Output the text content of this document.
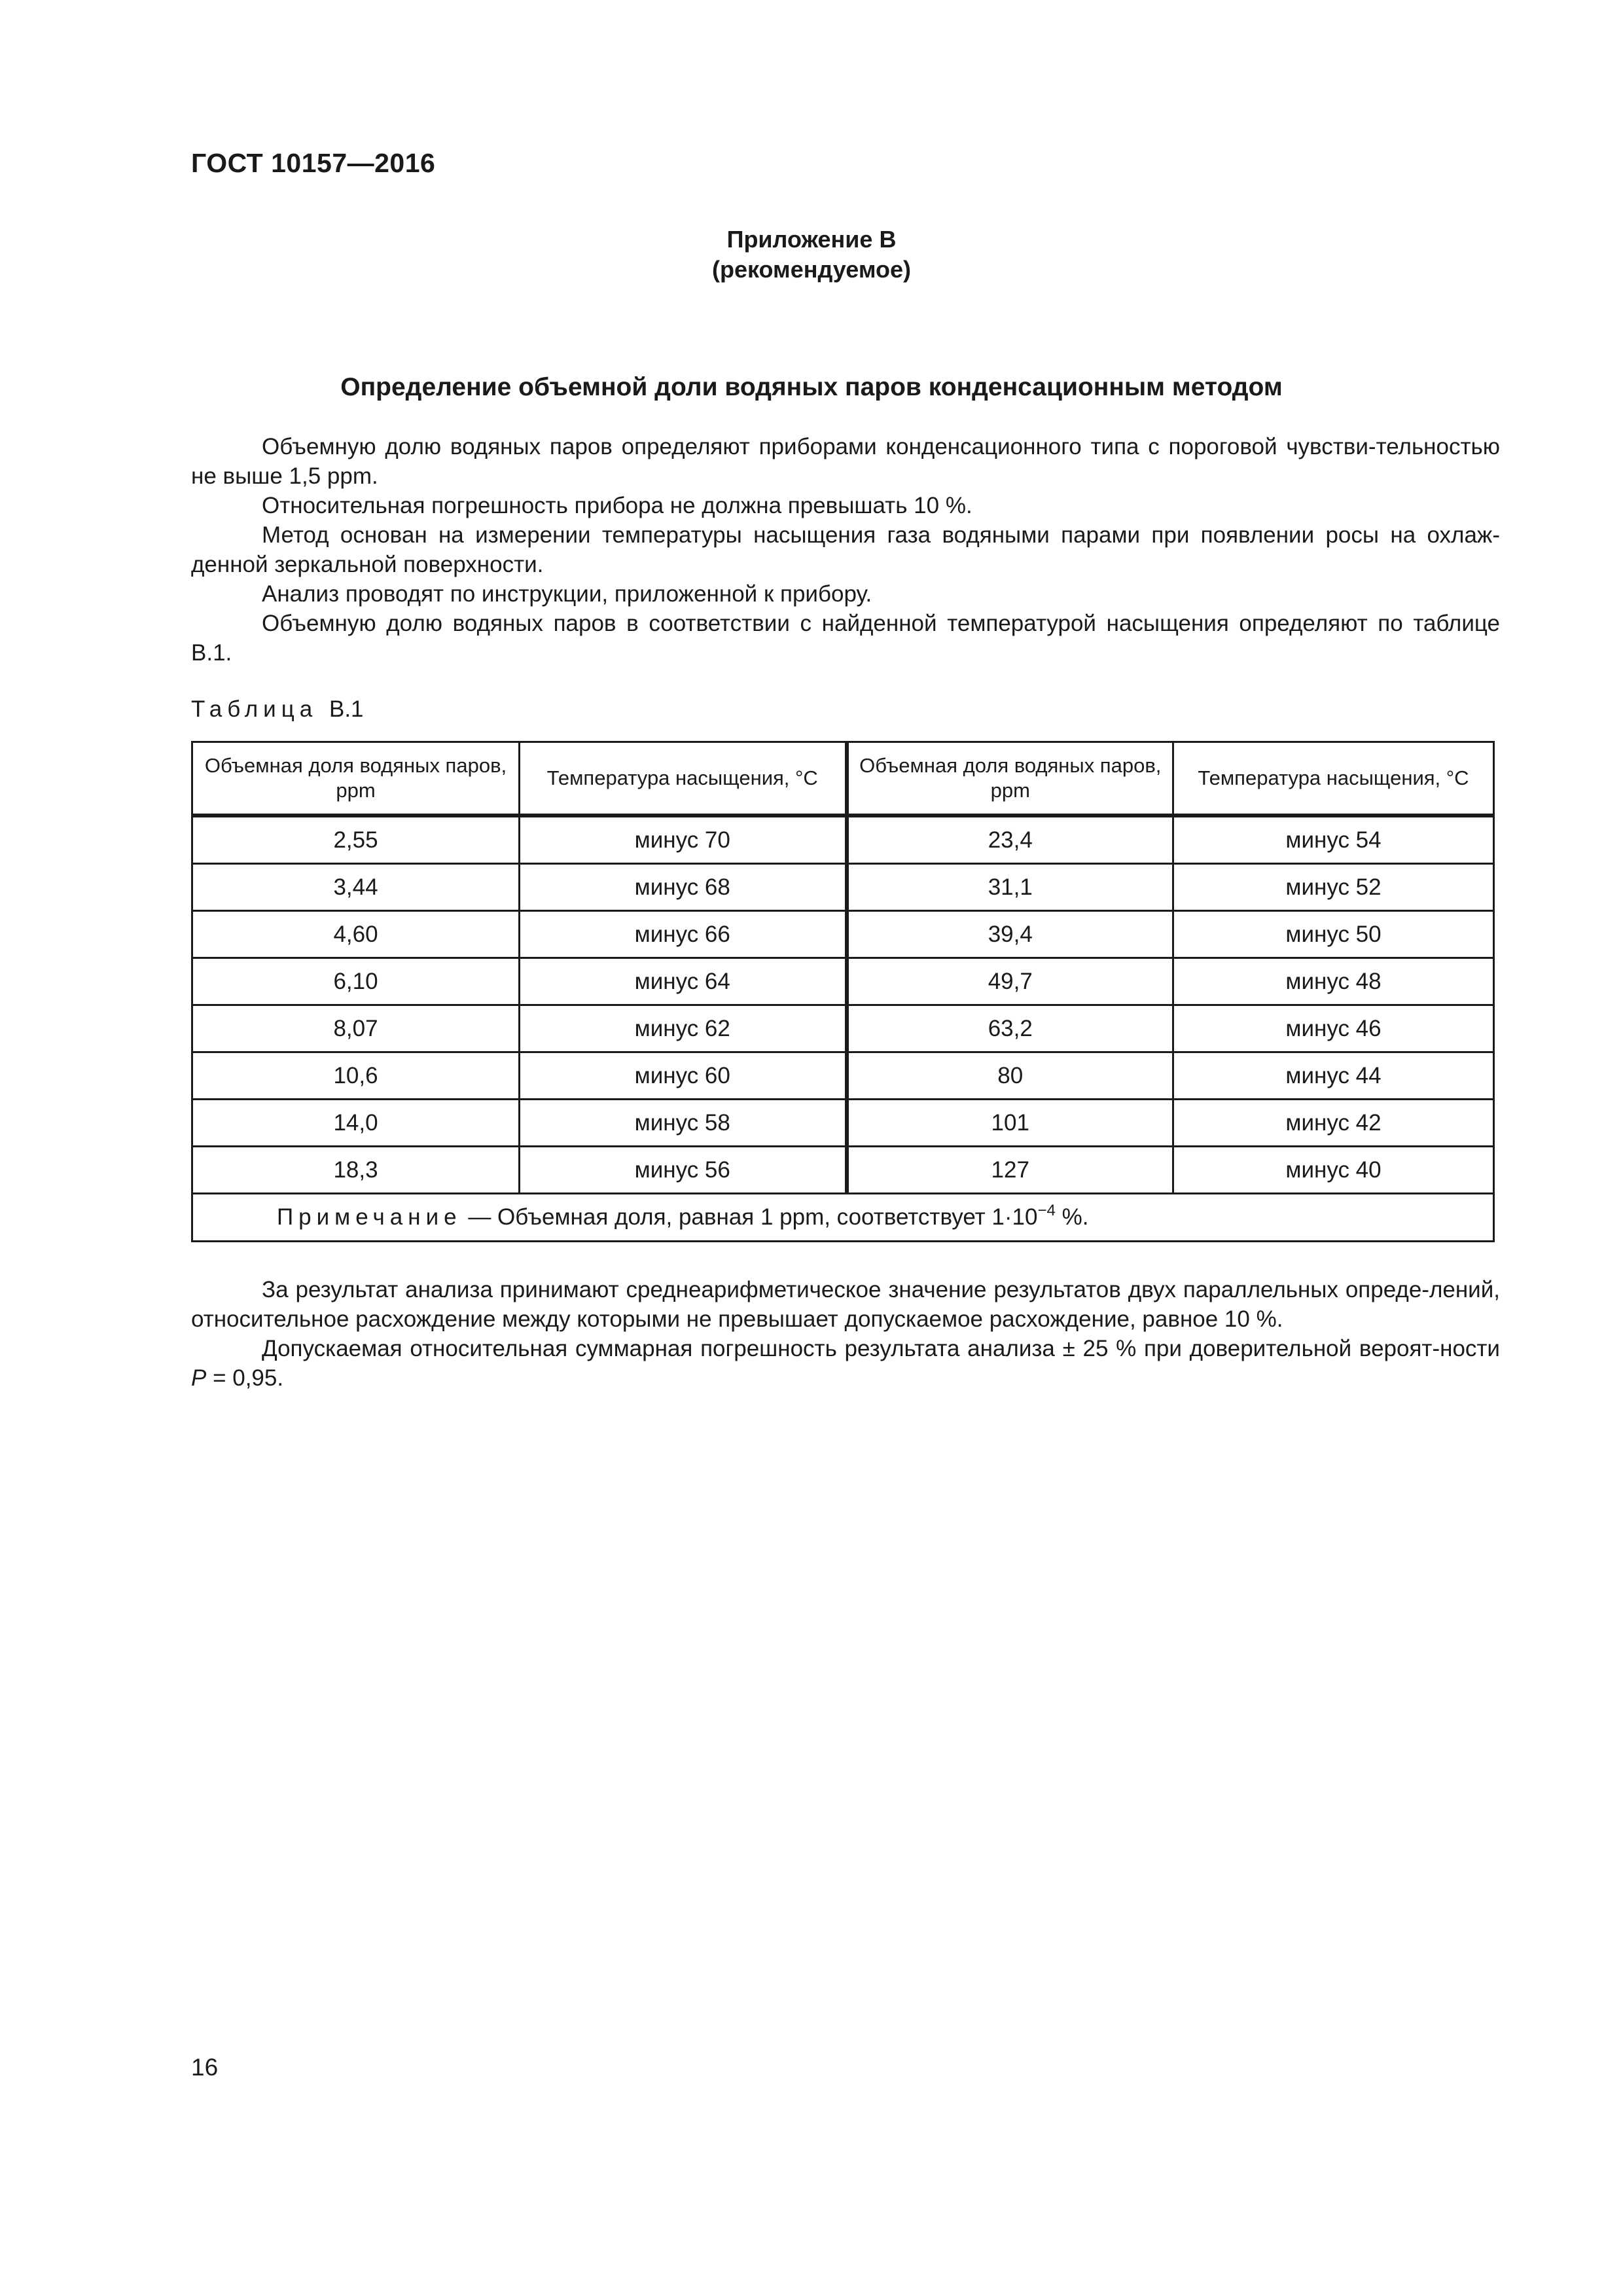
ГОСТ 10157—2016
Приложение В
(рекомендуемое)
Определение объемной доли водяных паров конденсационным методом

Объемную долю водяных паров определяют приборами конденсационного типа с пороговой чувстви-тельностью не выше 1,5 ppm.

Относительная погрешность прибора не должна превышать 10 %.

Метод основан на измерении температуры насыщения газа водяными парами при появлении росы на охлаж-денной зеркальной поверхности.

Анализ проводят по инструкции, приложенной к прибору.

Объемную долю водяных паров в соответствии с найденной температурой насыщения определяют по таблице В.1.

Таблица В.1
Объемная доля водяных паров, ppm	Температура насыщения, °С	Объемная доля водяных паров, ppm	Температура насыщения, °С
2,55	минус 70	23,4	минус 54
3,44	минус 68	31,1	минус 52
4,60	минус 66	39,4	минус 50
6,10	минус 64	49,7	минус 48
8,07	минус 62	63,2	минус 46
10,6	минус 60	80	минус 44
14,0	минус 58	101	минус 42
18,3	минус 56	127	минус 40
Примечание — Объемная доля, равная 1 ppm, соответствует $1\cdot 10^{-4}$ %.			

За результат анализа принимают среднеарифметическое значение результатов двух параллельных опреде-лений, относительное расхождение между которыми не превышает допускаемое расхождение, равное 10 %.

Допускаемая относительная суммарная погрешность результата анализа ± 25 % при доверительной вероят-ности Р = 0,95.

16
